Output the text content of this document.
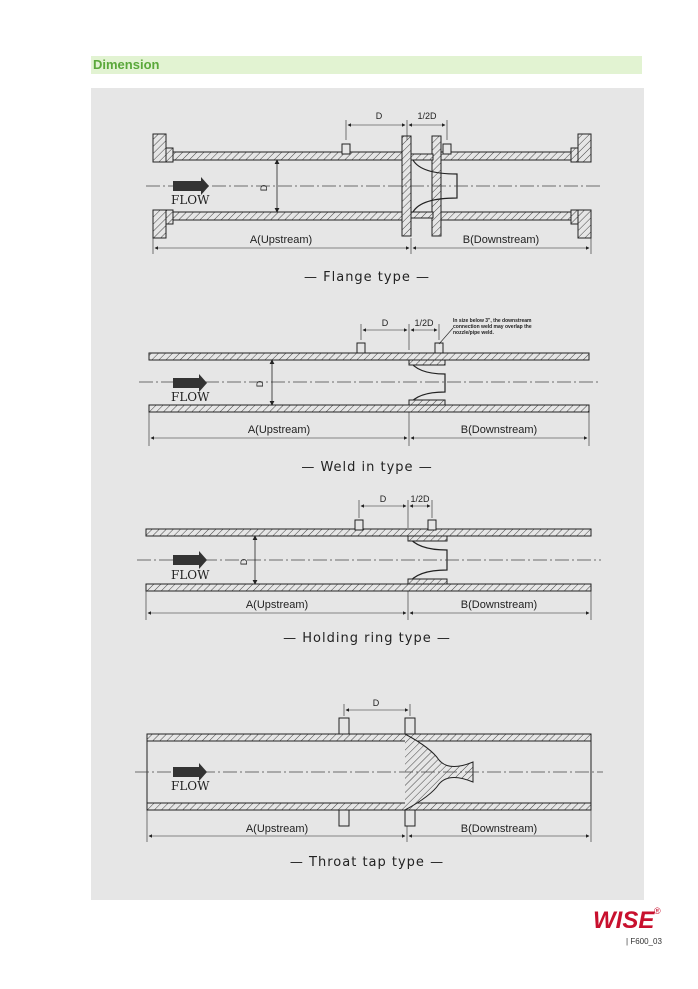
Dimension
D	1/2D
FLOW
D
A(Upstream)	B(Downstream)
— Flange type —
D	1/2D	In size below 3", the downstream
connection weld may overlap the
nozzle/pipe weld.
FLOW
D
A(Upstream)	B(Downstream)
— Weld in type —
D	1/2D
FLOW
D
A(Upstream)	B(Downstream)
— Holding ring type —
D
FLOW
A(Upstream)	B(Downstream)
— Throat tap type —
WISE ®
| F600_03
